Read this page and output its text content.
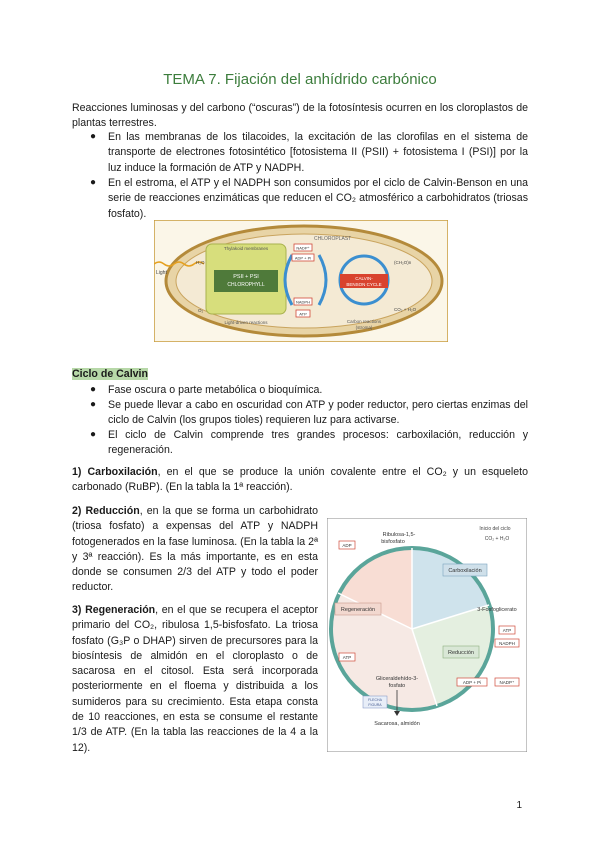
TEMA 7. Fijación del anhídrido carbónico

Reacciones luminosas y del carbono (“oscuras”) de la fotosíntesis ocurren en los cloroplastos de plantas terrestres.

● En las membranas de los tilacoides, la excitación de las clorofilas en el sistema de transporte de electrones fotosintético [fotosistema II (PSII) + fotosistema I (PSI)] por la luz induce la formación de ATP y NADPH.

● En el estroma, el ATP y el NADPH son consumidos por el ciclo de Calvin-Benson en una serie de reacciones enzimáticas que reducen el CO₂ atmosférico a carbohidratos (triosas fosfato).

CHLOROPLAST
PSII + PSI
CHLOROPHYLL
Thylakoid membranes
Light-driven reactions
Light
H₂O
O₂
NADP⁺
ADP + Pi
NADPH
ATP
CALVIN-
BENSON CYCLE
(CH₂O)n
CO₂ + H₂O
Carbon reactions
(stroma)

Ciclo de Calvin

● Fase oscura o parte metabólica o bioquímica.

● Se puede llevar a cabo en oscuridad con ATP y poder reductor, pero ciertas enzimas del ciclo de Calvin (los grupos tioles) requieren luz para activarse.

● El ciclo de Calvin comprende tres grandes procesos: carboxilación, reducción y regeneración.

1) Carboxilación, en el que se produce la unión covalente entre el CO₂ y un esqueleto carbonado (RuBP). (En la tabla la 1ª reacción).

2) Reducción, en la que se forma un carbohidrato (triosa fosfato) a expensas del ATP y NADPH fotogenerados en la fase luminosa. (En la tabla la 2ª y 3ª reacción). Es la más importante, es en esta donde se consumen 2/3 del ATP y todo el poder reductor.

3) Regeneración, en el que se recupera el aceptor primario del CO₂, ribulosa 1,5-bisfosfato. La triosa fosfato (G₃P o DHAP) sirven de precursores para la biosíntesis de almidón en el cloroplasto o de sacarosa en el citosol. Esta será incorporada posteriormente en el floema y distribuida a los sumideros para su crecimiento. Esta etapa consta de 10 reacciones, en esta se consume el restante 1/3 de ATP. (En la tabla las reacciones de la 4 a la 12).

Inicio del ciclo
CO₂ + H₂O
Ribulosa-1,5-
bisfosfato
Carboxilación
3-Fosfoglicerato
Regeneración
Reducción
ADP
ATP
ATP
NADPH
ADP + Pi	NADP⁺
Gliceraldehído-3-
fosfato
FLECHA
FIGURA
Sacarosa, almidón
1
